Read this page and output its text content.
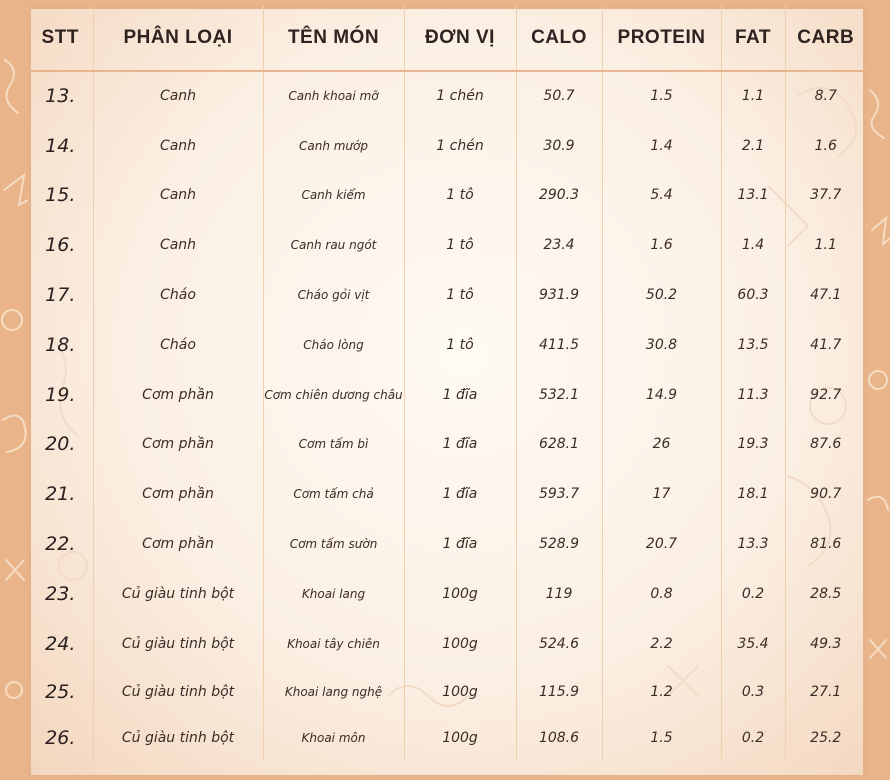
STT	PHÂN LOẠI	TÊN MÓN	ĐƠN VỊ	CALO	PROTEIN	FAT	CARB
13.	Canh	Canh khoai mỡ	1 chén	50.7	1.5	1.1	8.7
14.	Canh	Canh mướp	1 chén	30.9	1.4	2.1	1.6
15.	Canh	Canh kiểm	1 tô	290.3	5.4	13.1	37.7
16.	Canh	Canh rau ngót	1 tô	23.4	1.6	1.4	1.1
17.	Cháo	Cháo gỏi vịt	1 tô	931.9	50.2	60.3	47.1
18.	Cháo	Cháo lòng	1 tô	411.5	30.8	13.5	41.7
19.	Cơm phần	Cơm chiên dương châu	1 đĩa	532.1	14.9	11.3	92.7
20.	Cơm phần	Cơm tấm bì	1 đĩa	628.1	26	19.3	87.6
21.	Cơm phần	Cơm tấm chả	1 đĩa	593.7	17	18.1	90.7
22.	Cơm phần	Cơm tấm sườn	1 đĩa	528.9	20.7	13.3	81.6
23.	Củ giàu tinh bột	Khoai lang	100g	119	0.8	0.2	28.5
24.	Củ giàu tinh bột	Khoai tây chiên	100g	524.6	2.2	35.4	49.3
25.	Củ giàu tinh bột	Khoai lang nghệ	100g	115.9	1.2	0.3	27.1
26.	Củ giàu tinh bột	Khoai môn	100g	108.6	1.5	0.2	25.2
